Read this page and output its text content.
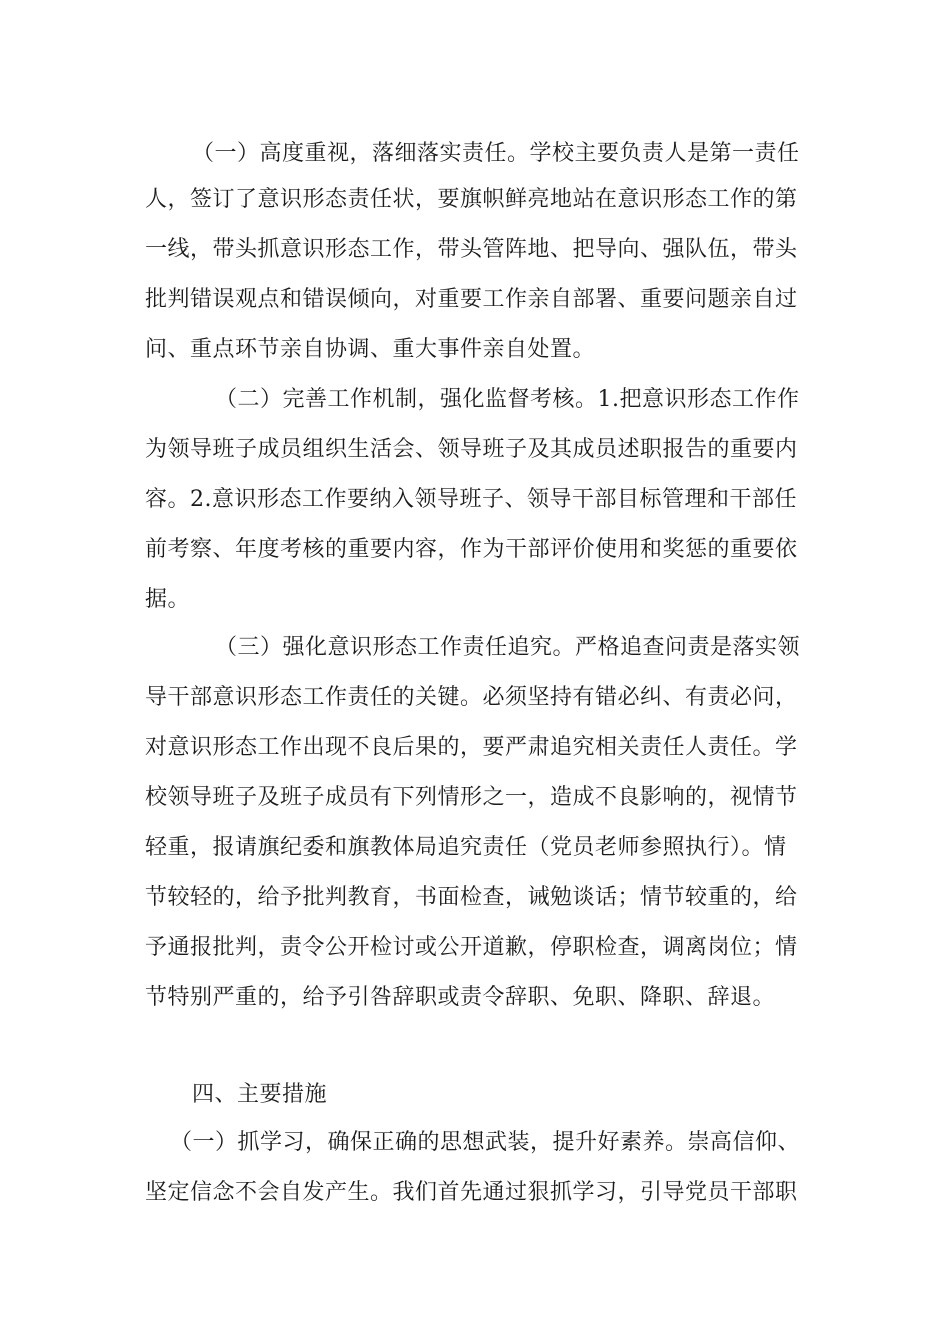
（一）高度重视，落细落实责任。学校主要负责人是第一责任
人，签订了意识形态责任状，要旗帜鲜亮地站在意识形态工作的第
一线，带头抓意识形态工作，带头管阵地、把导向、强队伍，带头
批判错误观点和错误倾向，对重要工作亲自部署、重要问题亲自过
问、重点环节亲自协调、重大事件亲自处置。
（二）完善工作机制，强化监督考核。1.把意识形态工作作
为领导班子成员组织生活会、领导班子及其成员述职报告的重要内
容。2.意识形态工作要纳入领导班子、领导干部目标管理和干部任
前考察、年度考核的重要内容，作为干部评价使用和奖惩的重要依
据。
（三）强化意识形态工作责任追究。严格追查问责是落实领
导干部意识形态工作责任的关键。必须坚持有错必纠、有责必问，
对意识形态工作出现不良后果的，要严肃追究相关责任人责任。学
校领导班子及班子成员有下列情形之一，造成不良影响的，视情节
轻重，报请旗纪委和旗教体局追究责任（党员老师参照执行）。情
节较轻的，给予批判教育，书面检查，诫勉谈话；情节较重的，给
予通报批判，责令公开检讨或公开道歉，停职检查，调离岗位；情
节特别严重的，给予引咎辞职或责令辞职、免职、降职、辞退。
四、主要措施
（一）抓学习，确保正确的思想武装，提升好素养。崇高信仰、
坚定信念不会自发产生。我们首先通过狠抓学习，引导党员干部职
